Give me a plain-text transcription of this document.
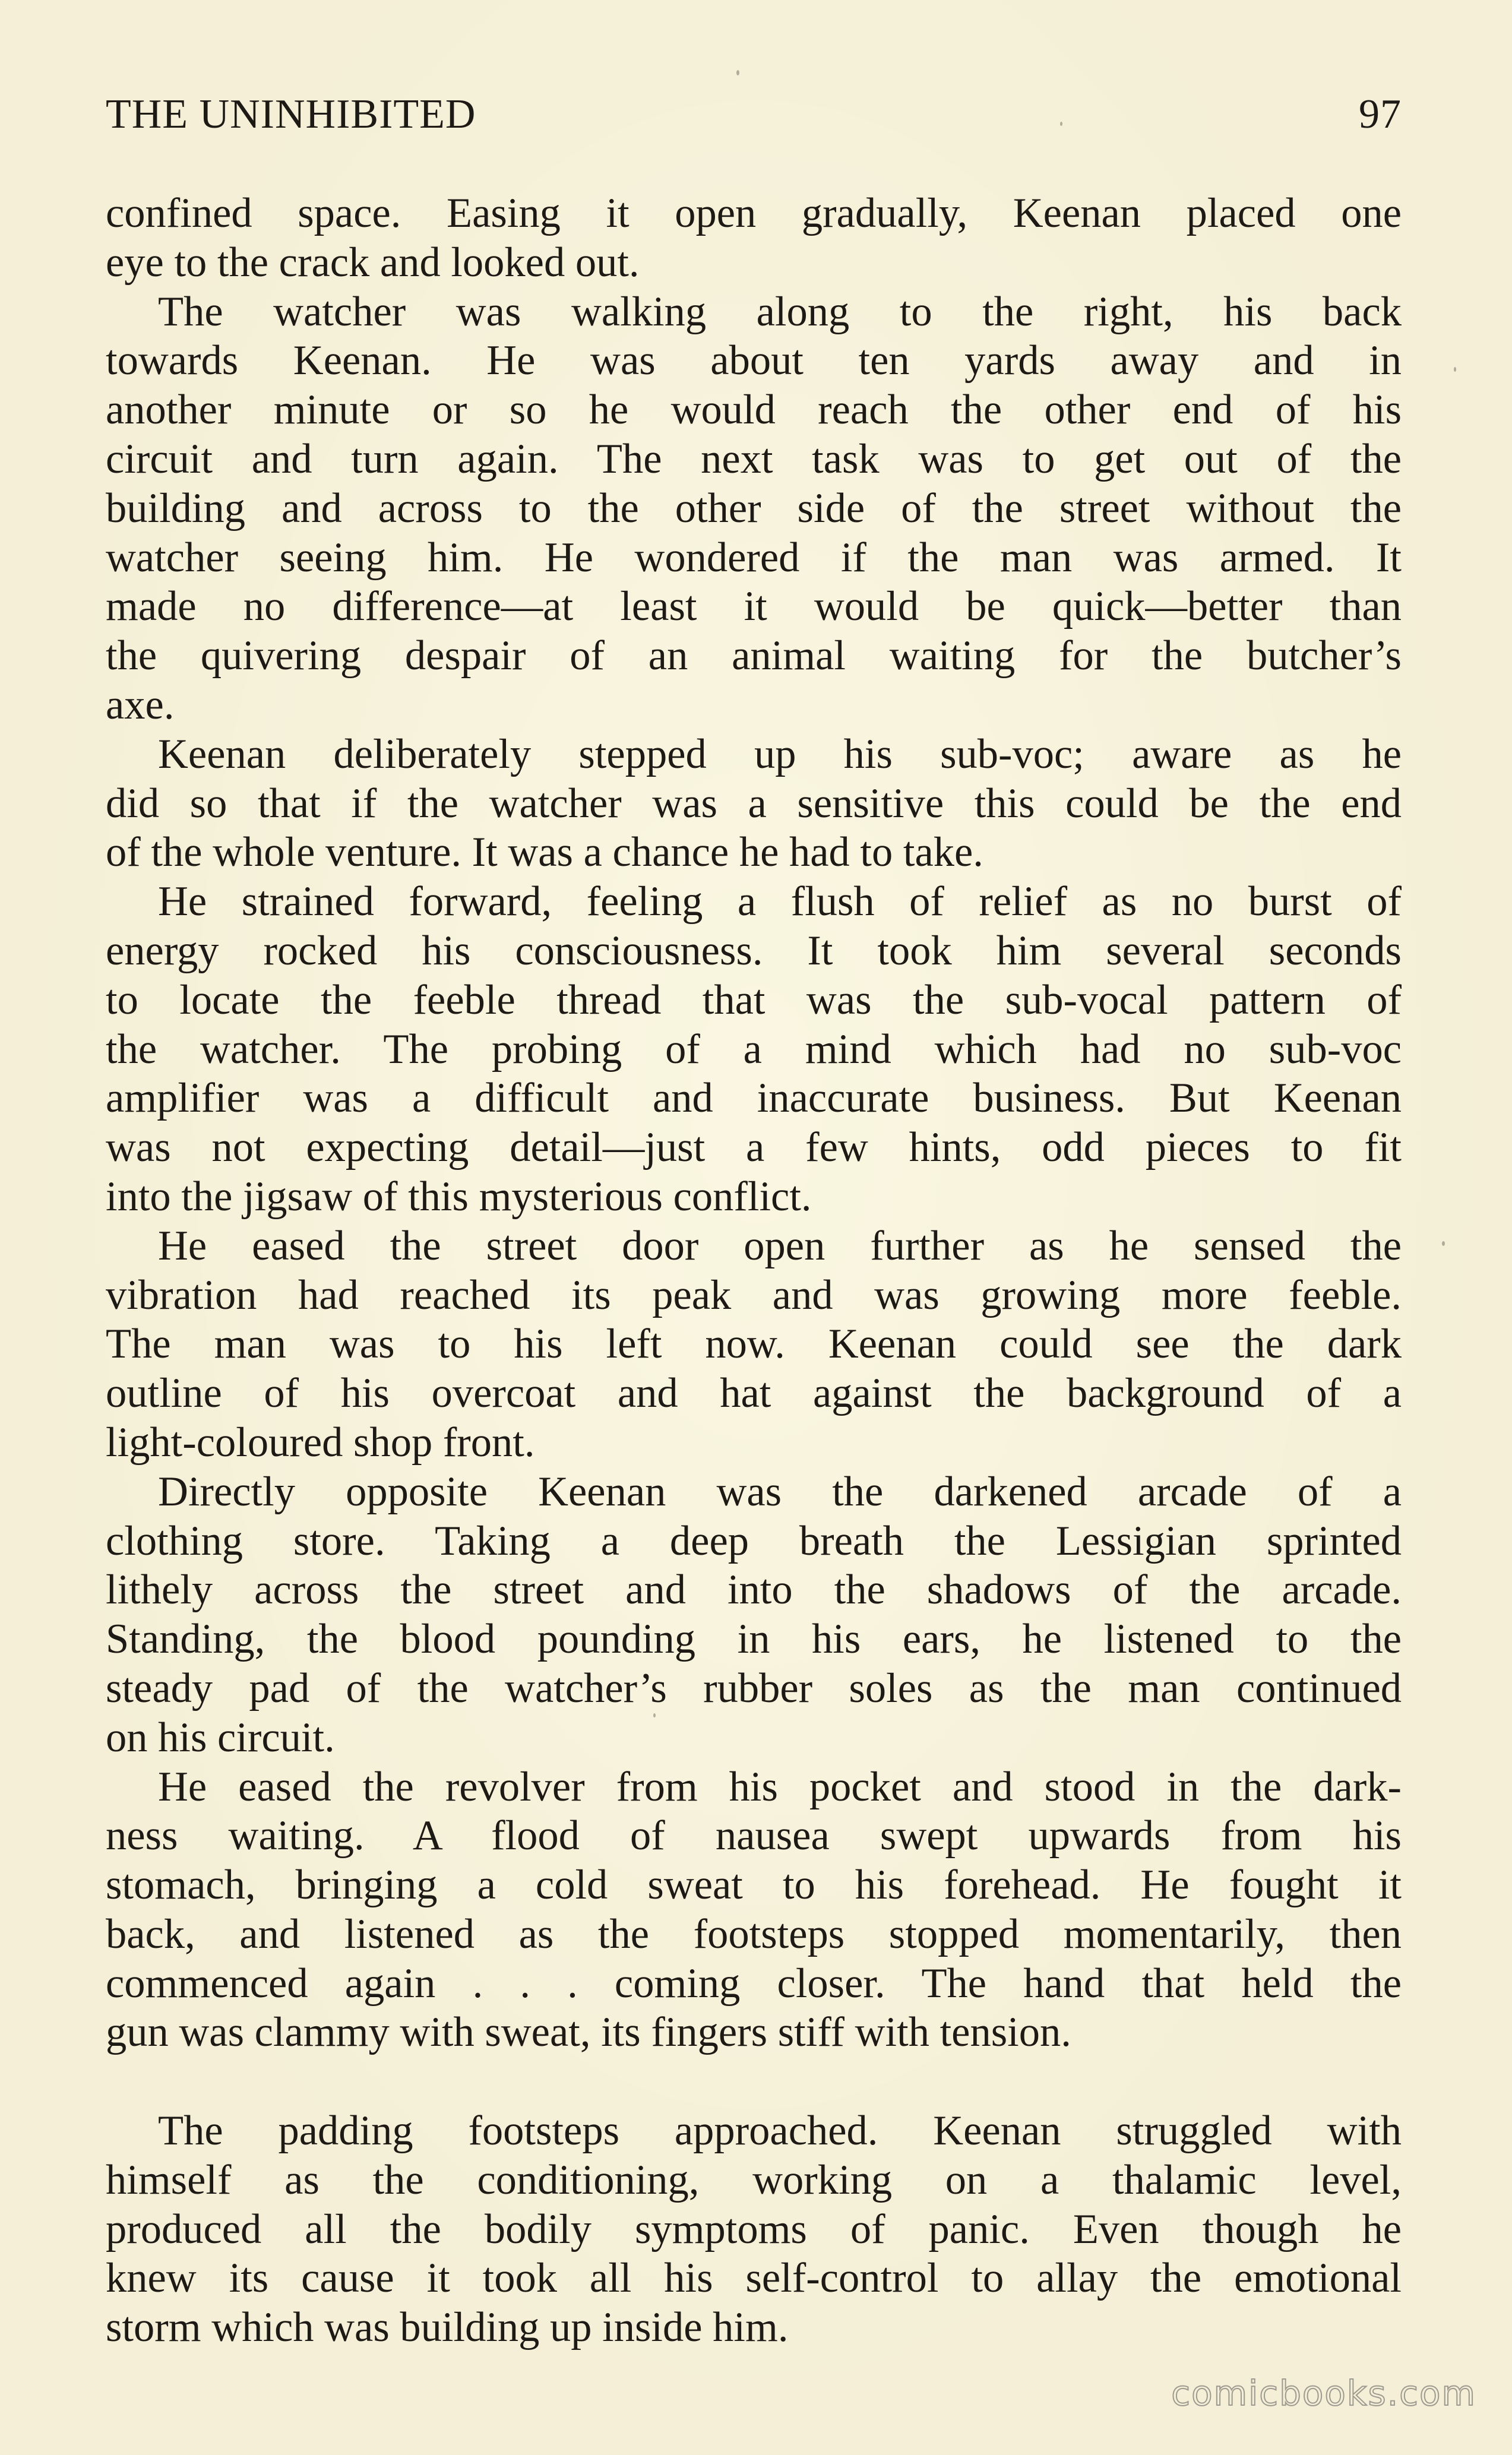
THE UNINHIBITED	97

confined space. Easing it open gradually, Keenan placed one
eye to the crack and looked out.

The watcher was walking along to the right, his back
towards Keenan. He was about ten yards away and in
another minute or so he would reach the other end of his
circuit and turn again. The next task was to get out of the
building and across to the other side of the street without the
watcher seeing him. He wondered if the man was armed. It
made no difference—at least it would be quick—better than
the quivering despair of an animal waiting for the butcher’s
axe.

Keenan deliberately stepped up his sub-voc; aware as he
did so that if the watcher was a sensitive this could be the end
of the whole venture. It was a chance he had to take.

He strained forward, feeling a flush of relief as no burst of
energy rocked his consciousness. It took him several seconds
to locate the feeble thread that was the sub-vocal pattern of
the watcher. The probing of a mind which had no sub-voc
amplifier was a difficult and inaccurate business. But Keenan
was not expecting detail—just a few hints, odd pieces to fit
into the jigsaw of this mysterious conflict.

He eased the street door open further as he sensed the
vibration had reached its peak and was growing more feeble.
The man was to his left now. Keenan could see the dark
outline of his overcoat and hat against the background of a
light-coloured shop front.

Directly opposite Keenan was the darkened arcade of a
clothing store. Taking a deep breath the Lessigian sprinted
lithely across the street and into the shadows of the arcade.
Standing, the blood pounding in his ears, he listened to the
steady pad of the watcher’s rubber soles as the man continued
on his circuit.

He eased the revolver from his pocket and stood in the dark-
ness waiting. A flood of nausea swept upwards from his
stomach, bringing a cold sweat to his forehead. He fought it
back, and listened as the footsteps stopped momentarily, then
commenced again . . . coming closer. The hand that held the
gun was clammy with sweat, its fingers stiff with tension.

The padding footsteps approached. Keenan struggled with
himself as the conditioning, working on a thalamic level,
produced all the bodily symptoms of panic. Even though he
knew its cause it took all his self-control to allay the emotional
storm which was building up inside him.

comicbooks.com
